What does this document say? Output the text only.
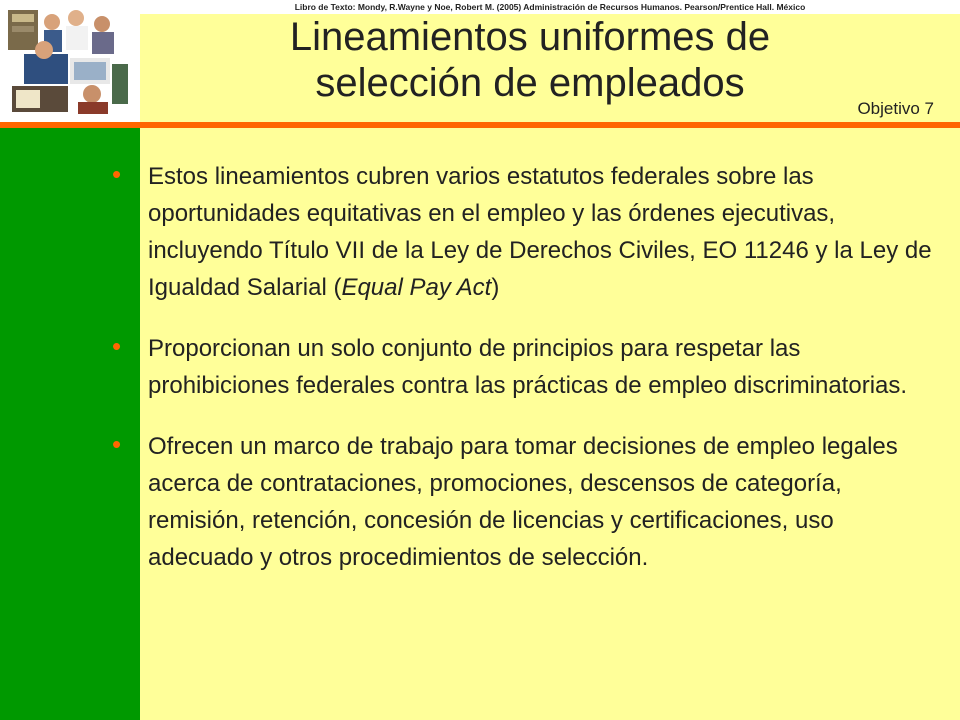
Libro de Texto: Mondy, R.Wayne y Noe, Robert M. (2005) Administración de Recursos Humanos. Pearson/Prentice Hall. México
Lineamientos uniformes de
selección de empleados
Objetivo 7
• Estos lineamientos cubren varios estatutos federales sobre las oportunidades equitativas en el empleo y las órdenes ejecutivas, incluyendo Título VII de la Ley de Derechos Civiles, EO 11246 y la Ley de Igualdad Salarial (Equal Pay Act)
• Proporcionan un solo conjunto de principios para respetar las prohibiciones federales contra las prácticas de empleo discriminatorias.
• Ofrecen un marco de trabajo para tomar decisiones de empleo legales acerca de contrataciones, promociones, descensos de categoría, remisión, retención, concesión de licencias y certificaciones, uso adecuado y otros procedimientos de selección.
